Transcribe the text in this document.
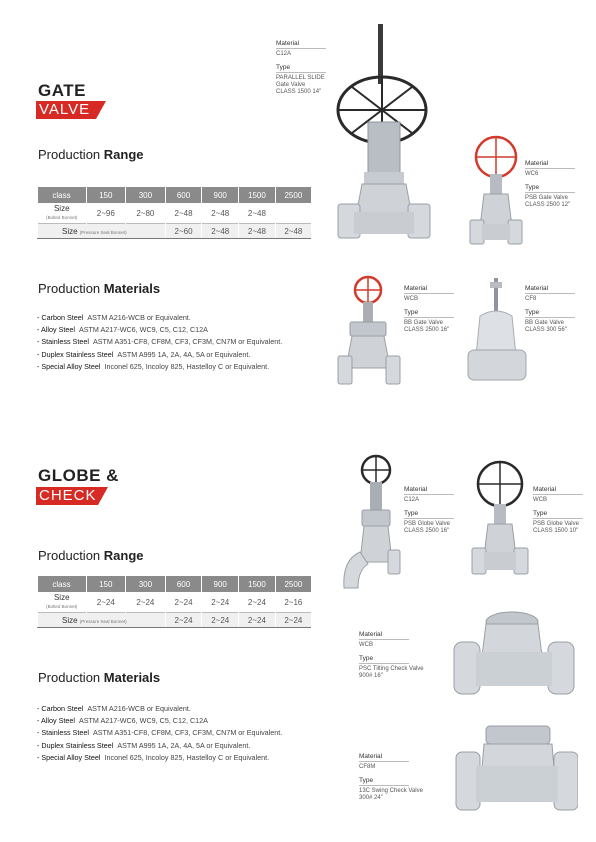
GATE
VALVE
Production Range
class	150	300	600	900	1500	2500
Size
(Bolted Bonnet)	2~96	2~80	2~48	2~48	2~48	
Size (Pressure Seal Bonnet)			2~60	2~48	2~48	2~48
Production Materials
- Carbon Steel ASTM A216-WCB or Equivalent.
- Alloy Steel ASTM A217-WC6, WC9, C5, C12, C12A
- Stainless Steel ASTM A351-CF8, CF8M, CF3, CF3M, CN7M or Equivalent.
- Duplex Stainless Steel ASTM A995 1A, 2A, 4A, 5A or Equivalent.
- Special Alloy Steel Inconel 625, Incoloy 825, Hastelloy C or Equivalent.
Material
C12A
Type
PARALLEL SLIDE
Gate Valve
CLASS 1500 14"
Material
WC6
Type
PSB Gate Valve
CLASS 2500 12"
Material
WCB
Type
BB Gate Valve
CLASS 2500 16"
Material
CF8
Type
BB Gate Valve
CLASS 300 56"
GLOBE &
CHECK
Production Range
class	150	300	600	900	1500	2500
Size
(Bolted Bonnet)	2~24	2~24	2~24	2~24	2~24	2~16
Size (Pressure Seal Bonnet)			2~24	2~24	2~24	2~24
Production Materials
- Carbon Steel ASTM A216-WCB or Equivalent.
- Alloy Steel ASTM A217-WC6, WC9, C5, C12, C12A
- Stainless Steel ASTM A351-CF8, CF8M, CF3, CF3M, CN7M or Equivalent.
- Duplex Stainless Steel ASTM A995 1A, 2A, 4A, 5A or Equivalent.
- Special Alloy Steel Inconel 625, Incoloy 825, Hastelloy C or Equivalent.
Material
C12A
Type
PSB Globe Valve
CLASS 2500 16"
Material
WCB
Type
PSB Globe Valve
CLASS 1500 10"
Material
WCB
Type
PSC Tilting Check Valve
900# 16"
Material
CF8M
Type
13C Swing Check Valve
300# 24"
